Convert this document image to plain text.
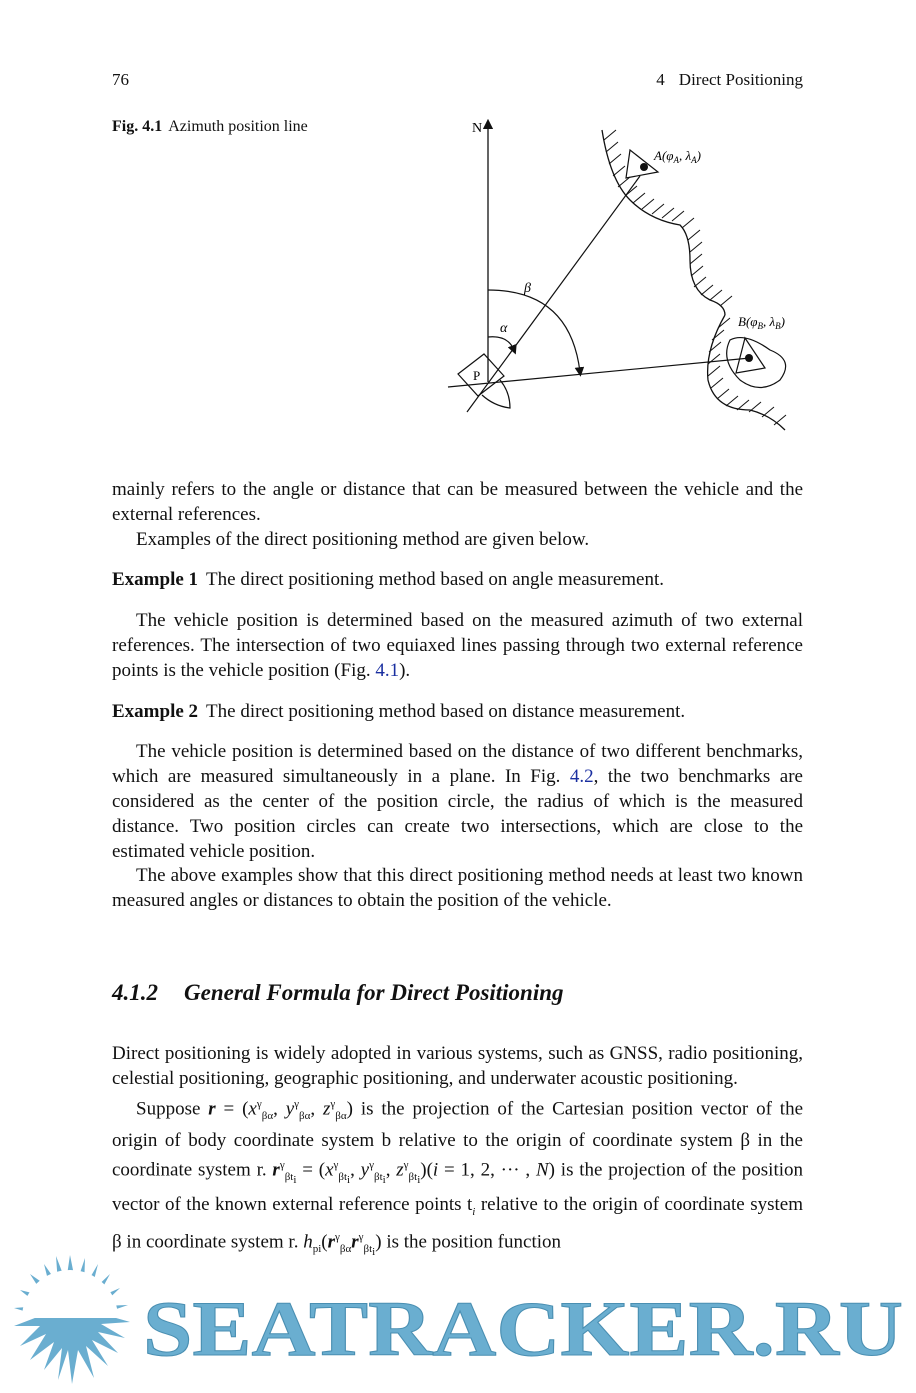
76	4 Direct Positioning
Fig. 4.1 Azimuth position line	N
P
α
β
$A(\varphi_A$, $\lambda_A$)
$B(\varphi_B$, $\lambda_B$)

mainly refers to the angle or distance that can be measured between the vehicle and the external references.

Examples of the direct positioning method are given below.

Example 1 The direct positioning method based on angle measurement.

The vehicle position is determined based on the measured azimuth of two external references. The intersection of two equiaxed lines passing through two external reference points is the vehicle position (Fig. 4.1).

Example 2 The direct positioning method based on distance measurement.

The vehicle position is determined based on the distance of two different benchmarks, which are measured simultaneously in a plane. In Fig. 4.2, the two benchmarks are considered as the center of the position circle, the radius of which is the measured distance. Two position circles can create two intersections, which are close to the estimated vehicle position.

The above examples show that this direct positioning method needs at least two known measured angles or distances to obtain the position of the vehicle.

4.1.2 General Formula for Direct Positioning

Direct positioning is widely adopted in various systems, such as GNSS, radio positioning, celestial positioning, geographic positioning, and underwater acoustic positioning.

Suppose $r = (x^\gamma_{\beta\alpha}$, $y^\gamma_{\beta\alpha}$, $z^\gamma_{\beta\alpha}$) is the projection of the Cartesian position vector of the origin of body coordinate system b relative to the origin of coordinate system β in the coordinate system r. $r^\gamma_{\beta t_i} = (x^\gamma_{\beta t_i}$, $y^\gamma_{\beta t_i}$, $z^\gamma_{\beta t_i})(i = 1$, 2, ··· , N) is the projection of the position vector of the known external reference points $t_i$ relative to the origin of coordinate system β in coordinate system r. $h_{pi}(r^\gamma_{\beta\alpha}r^\gamma_{\beta t_i})$ is the position function

SEATRACKER.RU
